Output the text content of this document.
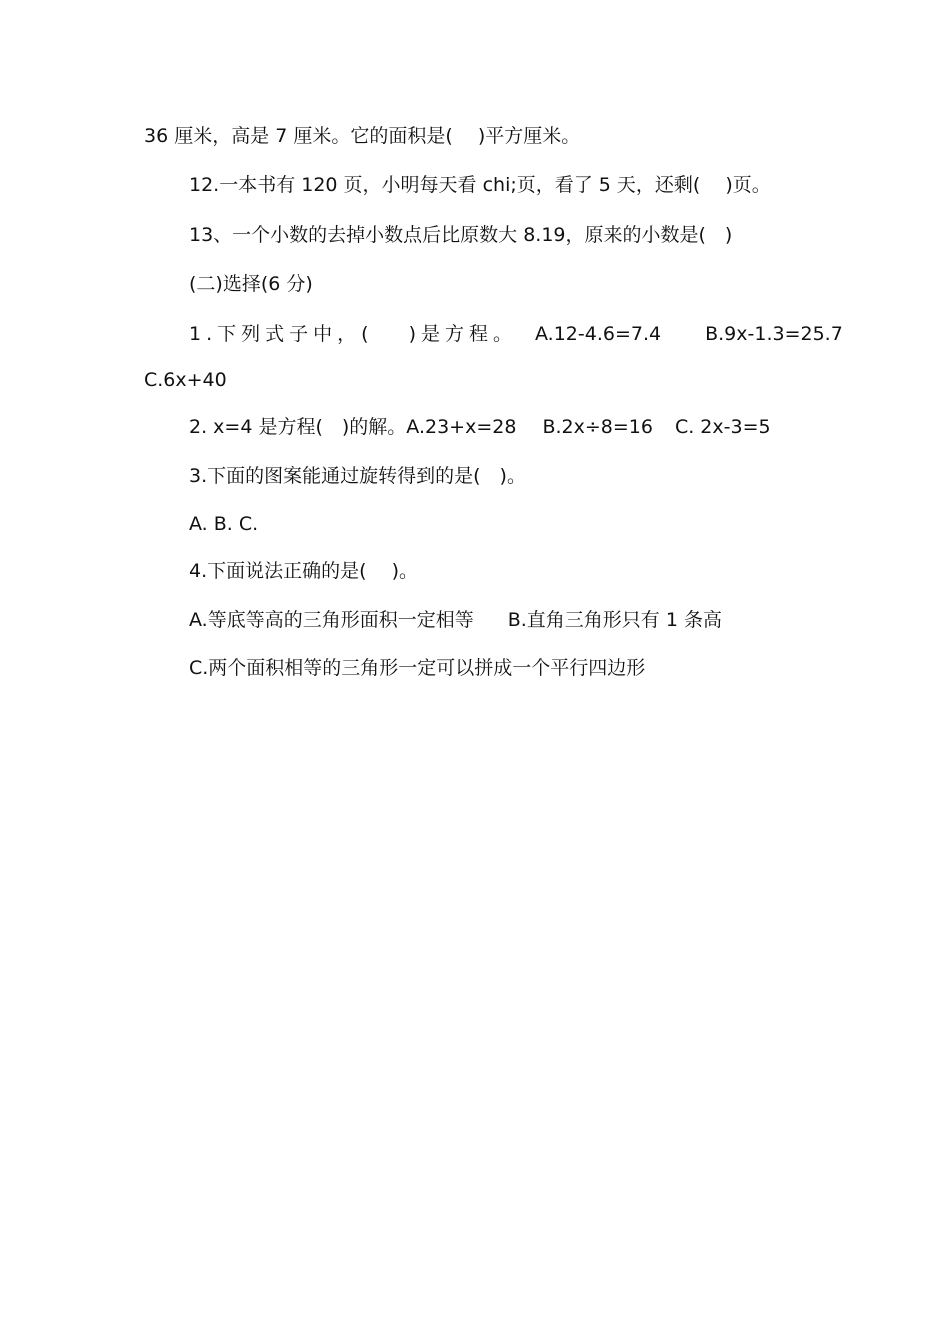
36 厘米，高是 7 厘米。它的面积是(　 )平方厘米。
12.一本书有 120 页，小明每天看 chi;页，看了 5 天，还剩(　 )页。
13、一个小数的去掉小数点后比原数大 8.19，原来的小数是(　)
(二)选择(6 分)
1.下列式子中，(　 )是方程。 A.12-4.6=7.4 B.9x-1.3=25.7
C.6x+40
2. x=4 是方程(　)的解。A.23+x=28 B.2x÷8=16 C. 2x-3=5
3.下面的图案能通过旋转得到的是(　)。
A. B. C.
4.下面说法正确的是(　 )。
A.等底等高的三角形面积一定相等 B.直角三角形只有 1 条高
C.两个面积相等的三角形一定可以拼成一个平行四边形
